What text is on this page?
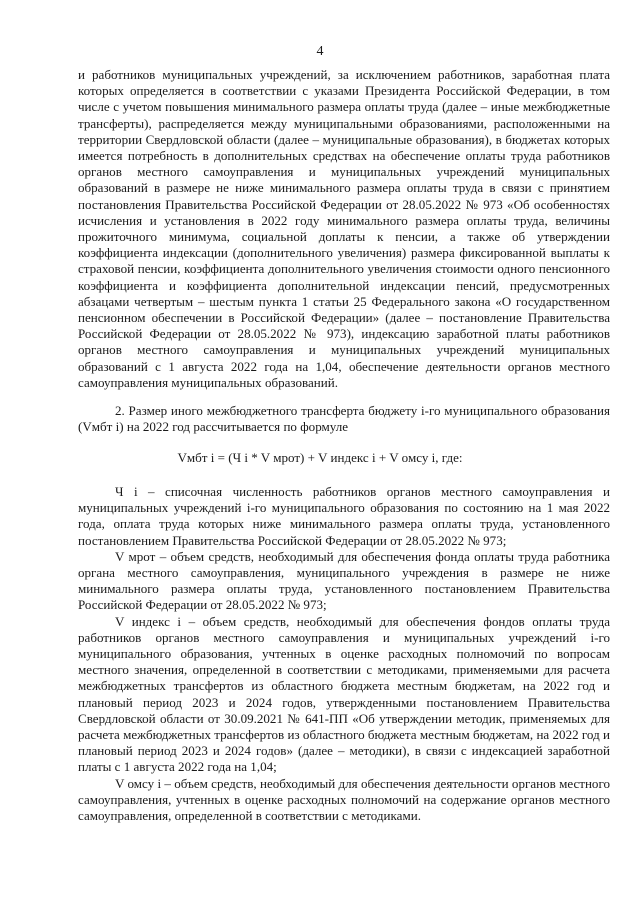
4

и работников муниципальных учреждений, за исключением работников, заработная плата которых определяется в соответствии с указами Президента Российской Федерации, в том числе с учетом повышения минимального размера оплаты труда (далее – иные межбюджетные трансферты), распределяется между муниципальными образованиями, расположенными на территории Свердловской области (далее – муниципальные образования), в бюджетах которых имеется потребность в дополнительных средствах на обеспечение оплаты труда работников органов местного самоуправления и муниципальных учреждений муниципальных образований в размере не ниже минимального размера оплаты труда в связи с принятием постановления Правительства Российской Федерации от 28.05.2022 № 973 «Об особенностях исчисления и установления в 2022 году минимального размера оплаты труда, величины прожиточного минимума, социальной доплаты к пенсии, а также об утверждении коэффициента индексации (дополнительного увеличения) размера фиксированной выплаты к страховой пенсии, коэффициента дополнительного увеличения стоимости одного пенсионного коэффициента и коэффициента дополнительной индексации пенсий, предусмотренных абзацами четвертым – шестым пункта 1 статьи 25 Федерального закона «О государственном пенсионном обеспечении в Российской Федерации» (далее – постановление Правительства Российской Федерации от 28.05.2022 № 973), индексацию заработной платы работников органов местного самоуправления и муниципальных учреждений муниципальных образований с 1 августа 2022 года на 1,04, обеспечение деятельности органов местного самоуправления муниципальных образований.

2. Размер иного межбюджетного трансферта бюджету i-го муниципального образования (Vмбт i) на 2022 год рассчитывается по формуле

Vмбт i = (Ч i * V мрот) + V индекс i + V омсу i, где:

Ч i – списочная численность работников органов местного самоуправления и муниципальных учреждений i-го муниципального образования по состоянию на 1 мая 2022 года, оплата труда которых ниже минимального размера оплаты труда, установленного постановлением Правительства Российской Федерации от 28.05.2022 № 973;

V мрот – объем средств, необходимый для обеспечения фонда оплаты труда работника органа местного самоуправления, муниципального учреждения в размере не ниже минимального размера оплаты труда, установленного постановлением Правительства Российской Федерации от 28.05.2022 № 973;

V индекс i – объем средств, необходимый для обеспечения фондов оплаты труда работников органов местного самоуправления и муниципальных учреждений i-го муниципального образования, учтенных в оценке расходных полномочий по вопросам местного значения, определенной в соответствии с методиками, применяемыми для расчета межбюджетных трансфертов из областного бюджета местным бюджетам, на 2022 год и плановый период 2023 и 2024 годов, утвержденными постановлением Правительства Свердловской области от 30.09.2021 № 641-ПП «Об утверждении методик, применяемых для расчета межбюджетных трансфертов из областного бюджета местным бюджетам, на 2022 год и плановый период 2023 и 2024 годов» (далее – методики), в связи с индексацией заработной платы с 1 августа 2022 года на 1,04;

V омсу i – объем средств, необходимый для обеспечения деятельности органов местного самоуправления, учтенных в оценке расходных полномочий на содержание органов местного самоуправления, определенной в соответствии с методиками.
